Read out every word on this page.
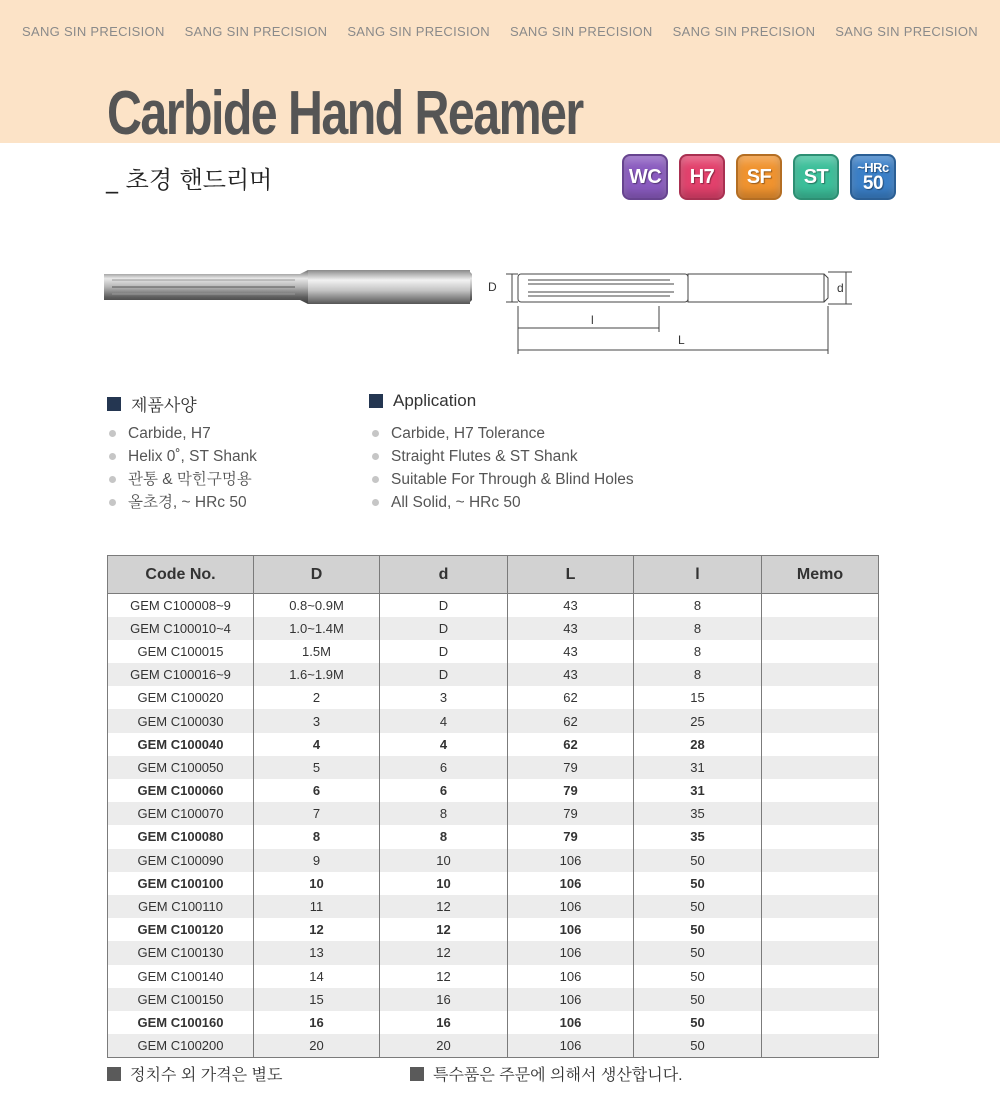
SANG SIN PRECISION SANG SIN PRECISION SANG SIN PRECISION SANG SIN PRECISION SANG SIN PRECISION SANG SIN PRECISION
Carbide Hand Reamer
_ 초경 핸드리머	WC	H7	SF	ST	~HRc
50
D	d
l
L
제품사양
Carbide, H7
Helix 0˚, ST Shank
관통 & 막힌구멍용
올초경, ~ HRc 50
Application
Carbide, H7 Tolerance
Straight Flutes & ST Shank
Suitable For Through & Blind Holes
All Solid, ~ HRc 50
Code No.	D	d	L	l	Memo
GEM C100008~9	0.8~0.9M	D	43	8	
GEM C100010~4	1.0~1.4M	D	43	8	
GEM C100015	1.5M	D	43	8	
GEM C100016~9	1.6~1.9M	D	43	8	
GEM C100020	2	3	62	15	
GEM C100030	3	4	62	25	
GEM C100040	4	4	62	28	
GEM C100050	5	6	79	31	
GEM C100060	6	6	79	31	
GEM C100070	7	8	79	35	
GEM C100080	8	8	79	35	
GEM C100090	9	10	106	50	
GEM C100100	10	10	106	50	
GEM C100110	11	12	106	50	
GEM C100120	12	12	106	50	
GEM C100130	13	12	106	50	
GEM C100140	14	12	106	50	
GEM C100150	15	16	106	50	
GEM C100160	16	16	106	50	
GEM C100200	20	20	106	50	
정치수 외 가격은 별도	특수품은 주문에 의해서 생산합니다.
